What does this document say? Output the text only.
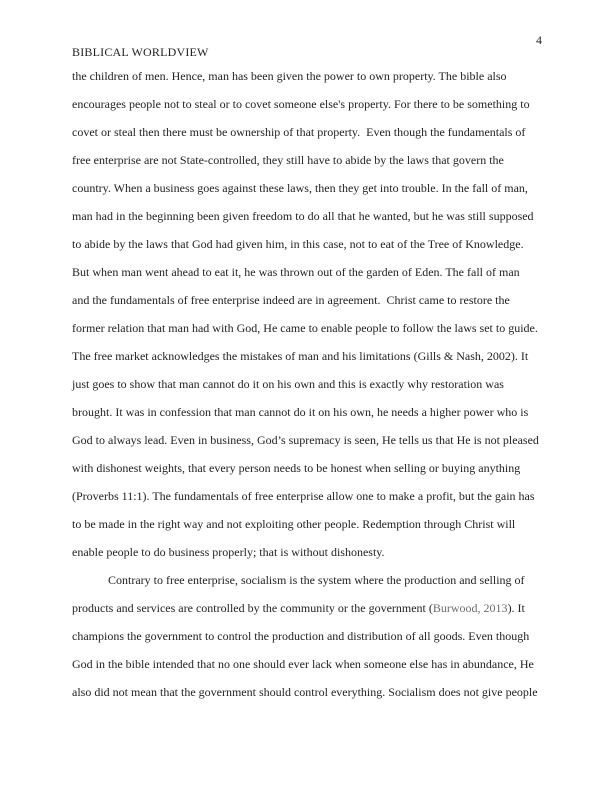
4
BIBLICAL WORLDVIEW
the children of men. Hence, man has been given the power to own property. The bible also
encourages people not to steal or to covet someone else's property. For there to be something to
covet or steal then there must be ownership of that property.  Even though the fundamentals of
free enterprise are not State-controlled, they still have to abide by the laws that govern the
country. When a business goes against these laws, then they get into trouble. In the fall of man,
man had in the beginning been given freedom to do all that he wanted, but he was still supposed
to abide by the laws that God had given him, in this case, not to eat of the Tree of Knowledge.
But when man went ahead to eat it, he was thrown out of the garden of Eden. The fall of man
and the fundamentals of free enterprise indeed are in agreement.  Christ came to restore the
former relation that man had with God, He came to enable people to follow the laws set to guide.
The free market acknowledges the mistakes of man and his limitations (Gills & Nash, 2002). It
just goes to show that man cannot do it on his own and this is exactly why restoration was
brought. It was in confession that man cannot do it on his own, he needs a higher power who is
God to always lead. Even in business, God’s supremacy is seen, He tells us that He is not pleased
with dishonest weights, that every person needs to be honest when selling or buying anything
(Proverbs 11:1). The fundamentals of free enterprise allow one to make a profit, but the gain has
to be made in the right way and not exploiting other people. Redemption through Christ will
enable people to do business properly; that is without dishonesty.
Contrary to free enterprise, socialism is the system where the production and selling of
products and services are controlled by the community or the government (Burwood, 2013). It
champions the government to control the production and distribution of all goods. Even though
God in the bible intended that no one should ever lack when someone else has in abundance, He
also did not mean that the government should control everything. Socialism does not give people
